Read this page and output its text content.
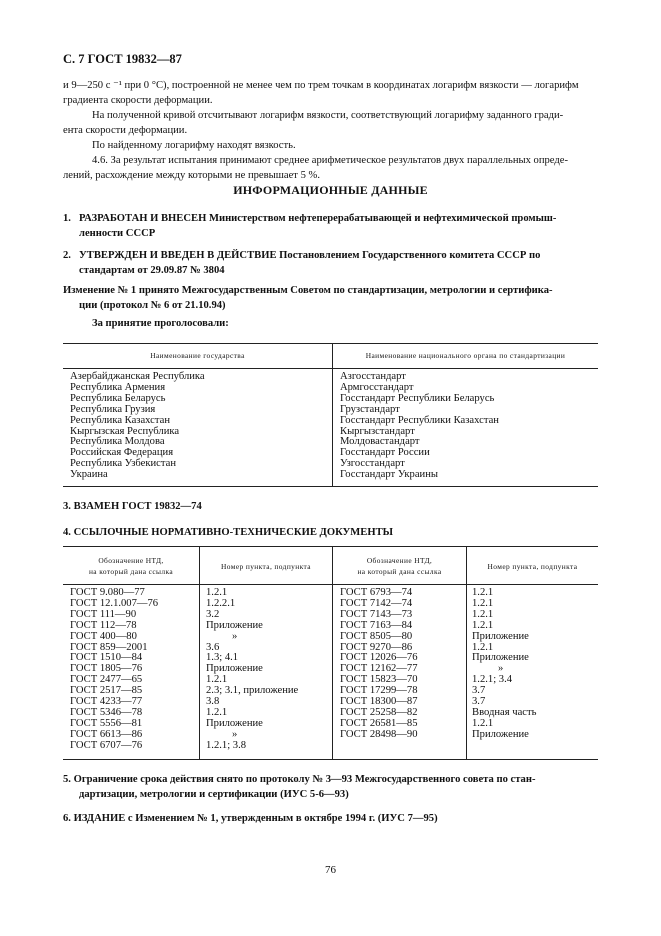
С. 7 ГОСТ 19832—87
и 9—250 с ⁻¹ при 0 °С), построенной не менее чем по трем точкам в координатах логарифм вязкости — логарифм
градиента скорости деформации.
На полученной кривой отсчитывают логарифм вязкости, соответствующий логарифму заданного гради-
ента скорости деформации.
По найденному логарифму находят вязкость.
4.6. За результат испытания принимают среднее арифметическое результатов двух параллельных опреде-
лений, расхождение между которыми не превышает 5 %.
ИНФОРМАЦИОННЫЕ ДАННЫЕ
1. РАЗРАБОТАН И ВНЕСЕН Министерством нефтеперерабатывающей и нефтехимической промыш-
ленности СССР
2. УТВЕРЖДЕН И ВВЕДЕН В ДЕЙСТВИЕ Постановлением Государственного комитета СССР по
стандартам от 29.09.87 № 3804
Изменение № 1 принято Межгосударственным Советом по стандартизации, метрологии и сертифика-
ции (протокол № 6 от 21.10.94)
За принятие проголосовали:
Наименование государства	Наименование национального органа по стандартизации
Азербайджанская Республика
Республика Армения
Республика Беларусь
Республика Грузия
Республика Казахстан
Кыргызская Республика
Республика Молдова
Российская Федерация
Республика Узбекистан
Украина
Азгосстандарт
Армгосстандарт
Госстандарт Республики Беларусь
Грузстандарт
Госстандарт Республики Казахстан
Кыргызстандарт
Молдовастандарт
Госстандарт России
Узгосстандарт
Госстандарт Украины
3. ВЗАМЕН ГОСТ 19832—74
4. ССЫЛОЧНЫЕ НОРМАТИВНО-ТЕХНИЧЕСКИЕ ДОКУМЕНТЫ
Обозначение НТД,
на который дана ссылка
Номер пункта, подпункта
Обозначение НТД,
на который дана ссылка
Номер пункта, подпункта
ГОСТ 9.080—77
ГОСТ 12.1.007—76
ГОСТ 111—90
ГОСТ 112—78
ГОСТ 400—80
ГОСТ 859—2001
ГОСТ 1510—84
ГОСТ 1805—76
ГОСТ 2477—65
ГОСТ 2517—85
ГОСТ 4233—77
ГОСТ 5346—78
ГОСТ 5556—81
ГОСТ 6613—86
ГОСТ 6707—76
1.2.1
1.2.2.1
3.2
Приложение
»
3.6
1.3; 4.1
Приложение
1.2.1
2.3; 3.1, приложение
3.8
1.2.1
Приложение
»
1.2.1; 3.8
ГОСТ 6793—74
ГОСТ 7142—74
ГОСТ 7143—73
ГОСТ 7163—84
ГОСТ 8505—80
ГОСТ 9270—86
ГОСТ 12026—76
ГОСТ 12162—77
ГОСТ 15823—70
ГОСТ 17299—78
ГОСТ 18300—87
ГОСТ 25258—82
ГОСТ 26581—85
ГОСТ 28498—90
1.2.1
1.2.1
1.2.1
1.2.1
Приложение
1.2.1
Приложение
»
1.2.1; 3.4
3.7
3.7
Вводная часть
1.2.1
Приложение
5. Ограничение срока действия снято по протоколу № 3—93 Межгосударственного совета по стан-
дартизации, метрологии и сертификации (ИУС 5-6—93)
6. ИЗДАНИЕ с Изменением № 1, утвержденным в октябре 1994 г. (ИУС 7—95)
76
